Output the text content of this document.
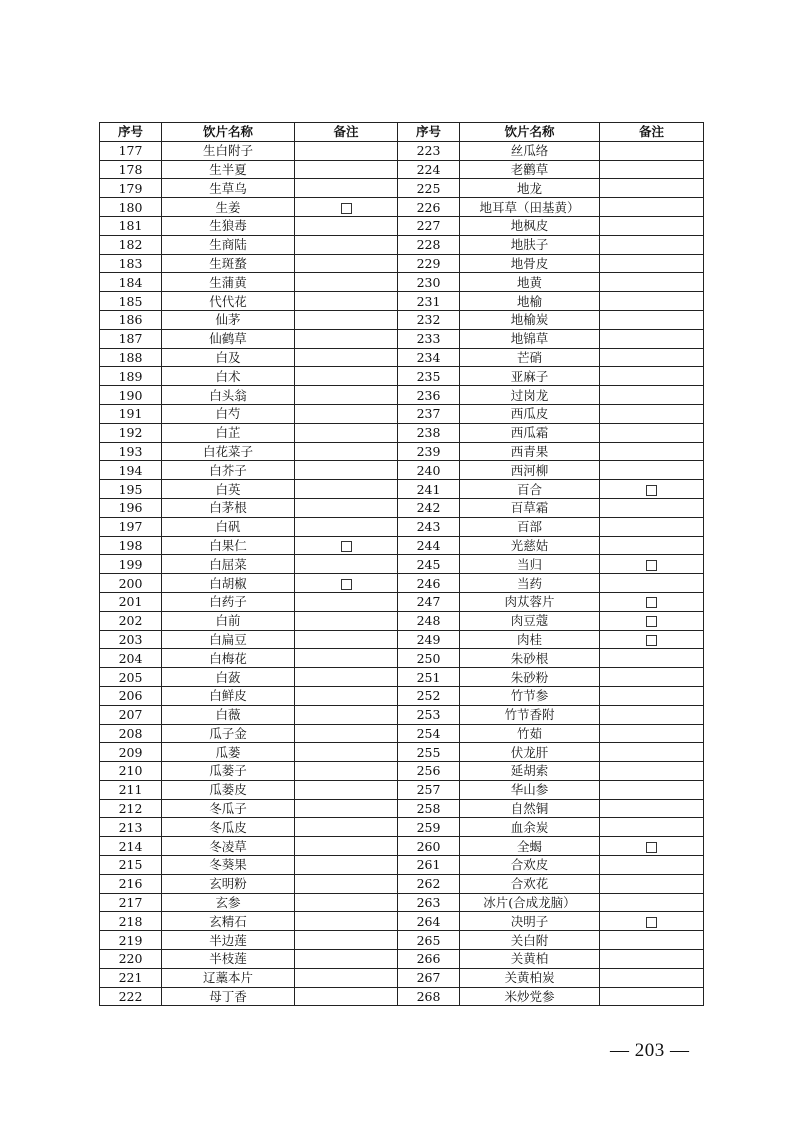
序号	饮片名称	备注	序号	饮片名称	备注
177	生白附子		223	丝瓜络	
178	生半夏		224	老鹳草	
179	生草乌		225	地龙	
180	生姜		226	地耳草（田基黄）	
181	生狼毒		227	地枫皮	
182	生商陆		228	地肤子	
183	生斑蝥		229	地骨皮	
184	生蒲黄		230	地黄	
185	代代花		231	地榆	
186	仙茅		232	地榆炭	
187	仙鹤草		233	地锦草	
188	白及		234	芒硝	
189	白术		235	亚麻子	
190	白头翁		236	过岗龙	
191	白芍		237	西瓜皮	
192	白芷		238	西瓜霜	
193	白花菜子		239	西青果	
194	白芥子		240	西河柳	
195	白英		241	百合	
196	白茅根		242	百草霜	
197	白矾		243	百部	
198	白果仁		244	光慈姑	
199	白屈菜		245	当归	
200	白胡椒		246	当药	
201	白药子		247	肉苁蓉片	
202	白前		248	肉豆蔻	
203	白扁豆		249	肉桂	
204	白梅花		250	朱砂根	
205	白蔹		251	朱砂粉	
206	白鲜皮		252	竹节参	
207	白薇		253	竹节香附	
208	瓜子金		254	竹茹	
209	瓜蒌		255	伏龙肝	
210	瓜蒌子		256	延胡索	
211	瓜蒌皮		257	华山参	
212	冬瓜子		258	自然铜	
213	冬瓜皮		259	血余炭	
214	冬凌草		260	全蝎	
215	冬葵果		261	合欢皮	
216	玄明粉		262	合欢花	
217	玄参		263	冰片(合成龙脑）	
218	玄精石		264	决明子	
219	半边莲		265	关白附	
220	半枝莲		266	关黄柏	
221	辽藁本片		267	关黄柏炭	
222	母丁香		268	米炒党参	
— 203 —
